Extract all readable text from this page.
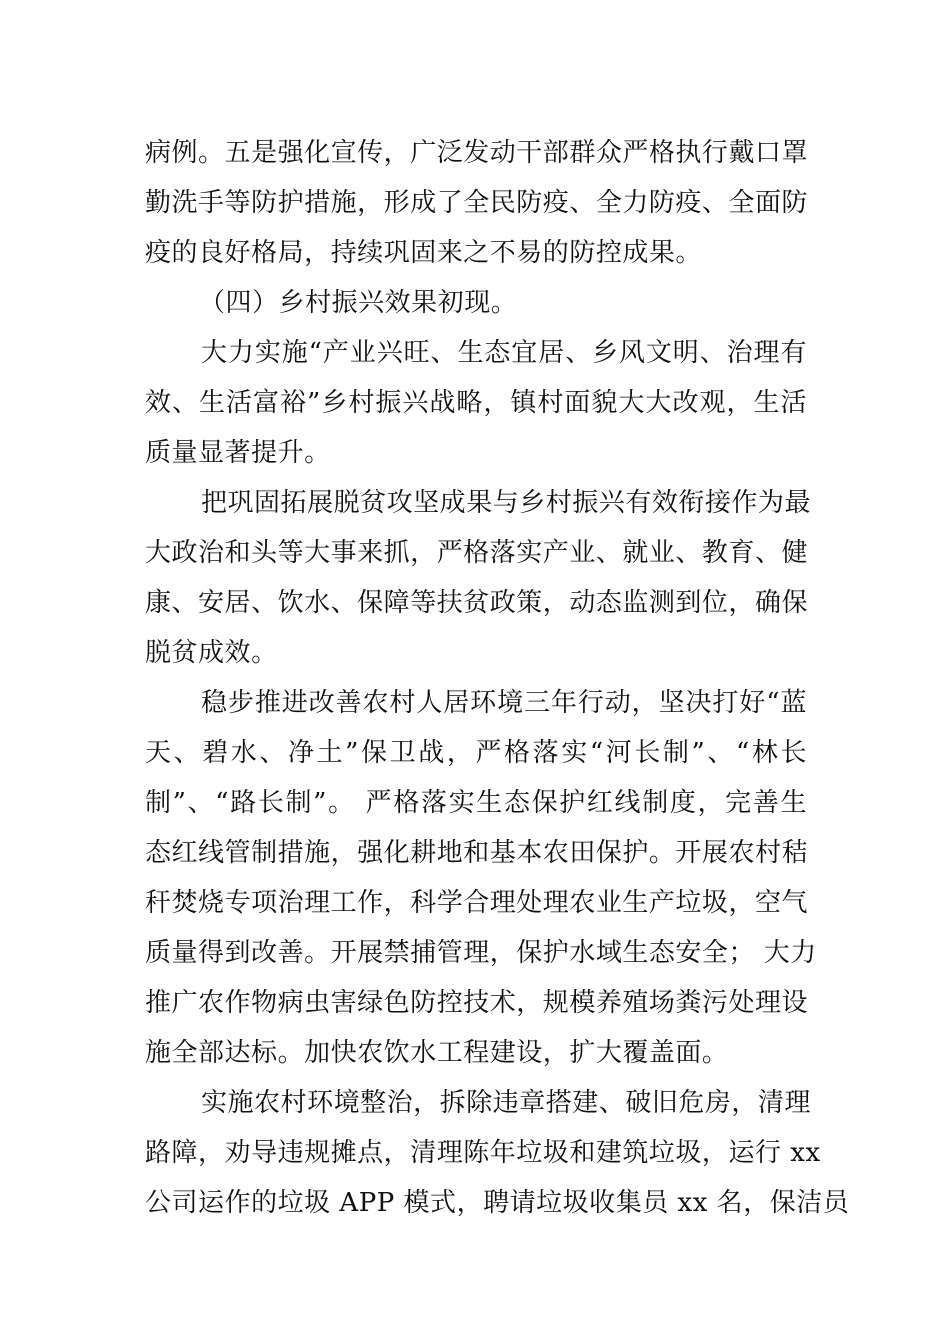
病例。五是强化宣传，广泛发动干部群众严格执行戴口罩
勤洗手等防护措施，形成了全民防疫、全力防疫、全面防
疫的良好格局，持续巩固来之不易的防控成果。
（四）乡村振兴效果初现。
大力实施“产业兴旺、生态宜居、乡风文明、治理有
效、生活富裕”乡村振兴战略，镇村面貌大大改观，生活
质量显著提升。
把巩固拓展脱贫攻坚成果与乡村振兴有效衔接作为最
大政治和头等大事来抓，严格落实产业、就业、教育、健
康、安居、饮水、保障等扶贫政策，动态监测到位，确保
脱贫成效。
稳步推进改善农村人居环境三年行动，坚决打好“蓝
天、碧水、净土”保卫战，严格落实“河长制”、“林长
制”、“路长制”。 严格落实生态保护红线制度，完善生
态红线管制措施，强化耕地和基本农田保护。开展农村秸
秆焚烧专项治理工作，科学合理处理农业生产垃圾，空气
质量得到改善。开展禁捕管理，保护水域生态安全； 大力
推广农作物病虫害绿色防控技术，规模养殖场粪污处理设
施全部达标。加快农饮水工程建设，扩大覆盖面。
实施农村环境整治，拆除违章搭建、破旧危房，清理
路障，劝导违规摊点，清理陈年垃圾和建筑垃圾，运行 xx
公司运作的垃圾 APP 模式，聘请垃圾收集员 xx 名，保洁员
